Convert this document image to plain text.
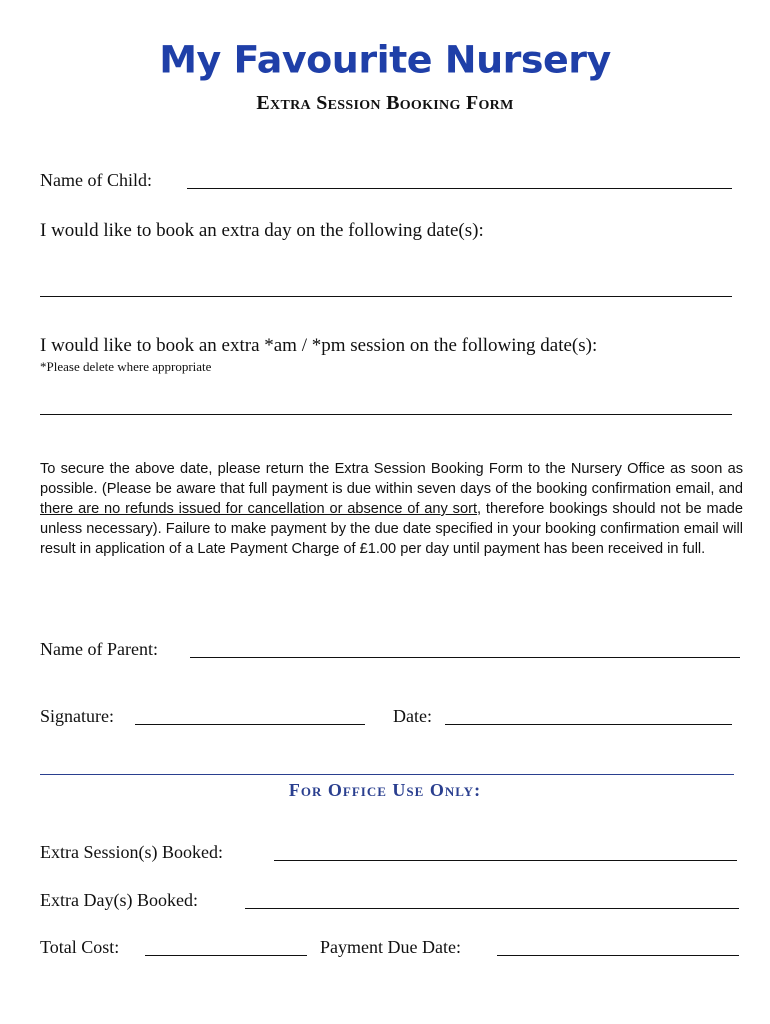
My Favourite Nursery
Extra Session Booking Form
Name of Child:
I would like to book an extra day on the following date(s):
I would like to book an extra *am / *pm session on the following date(s):
*Please delete where appropriate
To secure the above date, please return the Extra Session Booking Form to the Nursery Office as soon as possible. (Please be aware that full payment is due within seven days of the booking confirmation email, and there are no refunds issued for cancellation or absence of any sort, therefore bookings should not be made unless necessary). Failure to make payment by the due date specified in your booking confirmation email will result in application of a Late Payment Charge of £1.00 per day until payment has been received in full.
Name of Parent:
Signature:	Date:
For Office Use Only:
Extra Session(s) Booked:
Extra Day(s) Booked:
Total Cost:	Payment Due Date:
